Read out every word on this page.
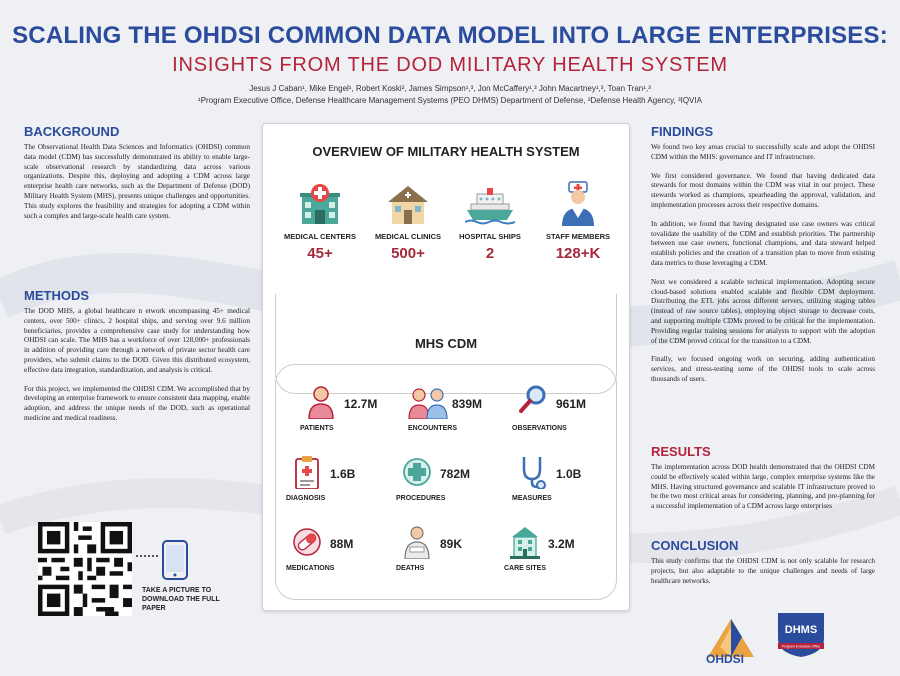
SCALING THE OHDSI COMMON DATA MODEL INTO LARGE ENTERPRISES:
INSIGHTS FROM THE DOD MILITARY HEALTH SYSTEM
Jesus J Caban¹, Mike Engel¹, Robert Koski², James Simpson¹,³, Jon McCaffery¹,³ John Macartney¹,³, Toan Tran¹,³
¹Program Executive Office, Defense Healthcare Management Systems (PEO DHMS) Department of Defense, ²Defense Health Agency, ³IQVIA
BACKGROUND
The Observational Health Data Sciences and Informatics (OHDSI) common data model (CDM) has successfully demonstrated its ability to enable large-scale observational research by standardizing data across various organizations. Despite this, deploying and adopting a CDM across large enterprise health care networks, such as the Department of Defense (DOD) Military Health System (MHS), presents unique challenges and opportunities. This study explores the feasibility and strategies for adopting a CDM within such a complex and large-scale health care system.
METHODS
The DOD MHS, a global healthcare n etwork encompassing 45+ medical centers, over 500+ clinics, 2 hospital ships, and serving over 9.6 million beneficiaries, provides a comprehensive case study for understanding how OHDSI can scale. The MHS has a workforce of over 128,000+ professionals in addition of providing care through a network of private sector health care providers, who submit claims to the DOD. Given this distributed ecosystem, effective data integration, standardization, and analysis is critical.
For this project, we implemented the OHDSI CDM. We accomplished that by developing an enterprise framework to ensure consistent data mapping, enable adoption, and address the unique needs of the DOD, such as operational medicine and medical readiness.
TAKE A PICTURE TO DOWNLOAD THE FULL PAPER
OVERVIEW OF MILITARY HEALTH SYSTEM
MEDICAL CENTERS
45+
MEDICAL CLINICS
500+
HOSPITAL SHIPS
2
STAFF MEMBERS
128+K
MHS CDM
12.7M
PATIENTS
839M
ENCOUNTERS
961M
OBSERVATIONS
1.6B
DIAGNOSIS
782M
PROCEDURES
1.0B
MEASURES
88M
MEDICATIONS
89K
DEATHS
3.2M
CARE SITES
FINDINGS
We found two key areas crucial to successfully scale and adopt the OHDSI CDM within the MHS: governance and IT infrastructure.
We first considered governance. We found that having dedicated data stewards for most domains within the CDM was vital in our project. These stewards worked as champions, spearheading the approval, validation, and implementation processes across their respective domains.
In addition, we found that having designated use case owners was critical tovalidate the usability of the CDM and establish priorities. The partnership between use case owners, functional champions, and data steward helped establish policies and the creation of a transition plan to move from existing data metrics to those leveraging a CDM.
Next we considered a scalable technical implementation. Adopting secure cloud-based solutions enabled scalable and flexible CDM deployment. Distributing the ETL jobs across different servers, utilizing staging tables (instead of raw source tables), employing object storage to decrease costs, and supporting multiple CDMs proved to be critical for the implementation. Providing regular training sessions for analysts to support with the adoption of the CDM proved critical for the transition to a CDM.
Finally, we focused ongoing work on securing, adding authentication services, and stress-testing some of the OHDSI tools to scale across thousands of users.
RESULTS
The implementation across DOD health demonstrated that the OHDSI CDM could be effectively scaled within large, complex enterprise systems like the MHS. Having structured governance and scalable IT infrastructure proved to be the two most critical areas for considering, planning, and pre-planning for a successful implementation of a CDM across large enterprises
CONCLUSION
This study confirms that the OHDSI CDM is not only scalable for research projects, but also adaptable to the unique challenges and needs of large healthcare networks.
OHDSI
DHMS
Program Executive Office
